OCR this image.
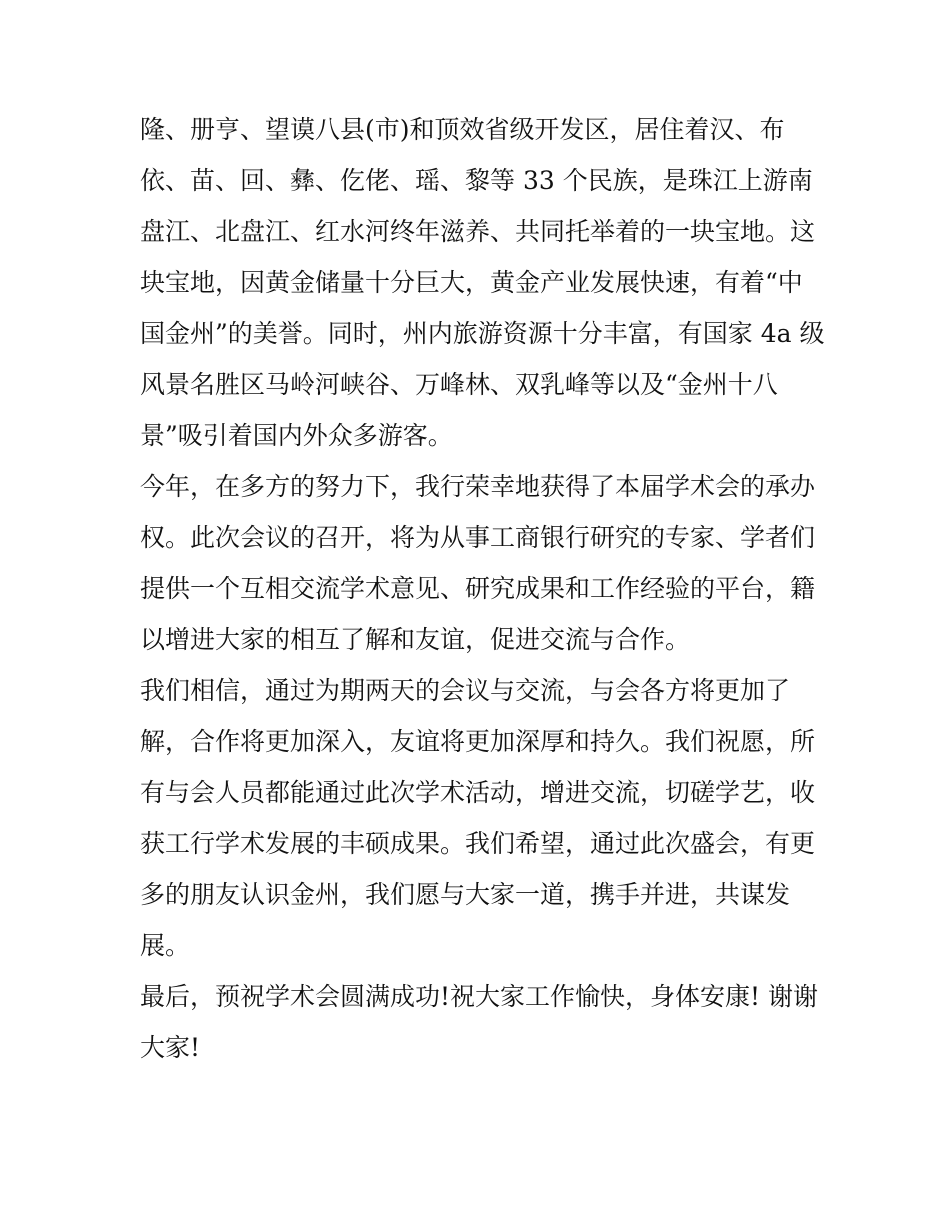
隆、册亨、望谟八县(市)和顶效省级开发区，居住着汉、布
依、苗、回、彝、仡佬、瑶、黎等 33 个民族，是珠江上游南
盘江、北盘江、红水河终年滋养、共同托举着的一块宝地。这
块宝地，因黄金储量十分巨大，黄金产业发展快速，有着“中
国金州”的美誉。同时，州内旅游资源十分丰富，有国家 4a 级
风景名胜区马岭河峡谷、万峰林、双乳峰等以及“金州十八
景”吸引着国内外众多游客。
今年，在多方的努力下，我行荣幸地获得了本届学术会的承办
权。此次会议的召开，将为从事工商银行研究的专家、学者们
提供一个互相交流学术意见、研究成果和工作经验的平台，籍
以增进大家的相互了解和友谊，促进交流与合作。
我们相信，通过为期两天的会议与交流，与会各方将更加了
解，合作将更加深入，友谊将更加深厚和持久。我们祝愿，所
有与会人员都能通过此次学术活动，增进交流，切磋学艺，收
获工行学术发展的丰硕成果。我们希望，通过此次盛会，有更
多的朋友认识金州，我们愿与大家一道，携手并进，共谋发
展。
最后，预祝学术会圆满成功!祝大家工作愉快，身体安康! 谢谢
大家!
